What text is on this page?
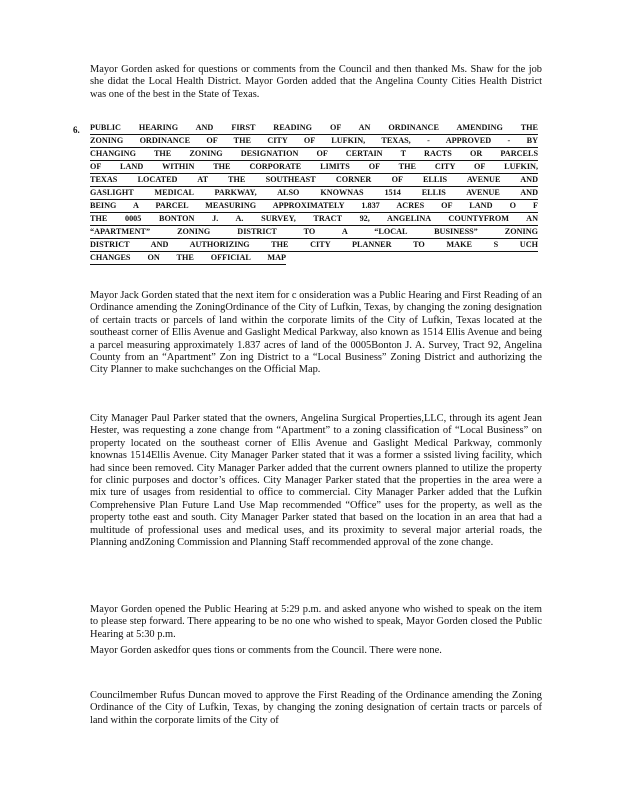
Mayor Gorden asked for questions or comments from the Council and then thanked Ms. Shaw for the job she didat the Local Health District. Mayor Gorden added that the Angelina County Cities Health District was one of the best in the State of Texas.

6. PUBLIC HEARING AND FIRST READING OF AN ORDINANCE AMENDING THE
ZONING ORDINANCE OF THE CITY OF LUFKIN, TEXAS, - APPROVED - BY
CHANGING THE ZONING DESIGNATION OF CERTAIN T RACTS OR PARCELS
OF LAND WITHIN THE CORPORATE LIMITS OF THE CITY OF LUFKIN,
TEXAS LOCATED AT THE SOUTHEAST CORNER OF ELLIS AVENUE AND
GASLIGHT MEDICAL PARKWAY, ALSO KNOWNAS 1514 ELLIS AVENUE AND
BEING A PARCEL MEASURING APPROXIMATELY 1.837 ACRES OF LAND O F
THE 0005 BONTON J. A. SURVEY, TRACT 92, ANGELINA COUNTYFROM AN
“APARTMENT” ZONING DISTRICT TO A “LOCAL BUSINESS” ZONING
DISTRICT AND AUTHORIZING THE CITY PLANNER TO MAKE S UCH
CHANGES ON THE OFFICIAL MAP

Mayor Jack Gorden stated that the next item for c onsideration was a Public Hearing and First Reading of an Ordinance amending the ZoningOrdinance of the City of Lufkin, Texas, by changing the zoning designation of certain tracts or parcels of land within the corporate limits of the City of Lufkin, Texas located at the southeast corner of Ellis Avenue and Gaslight Medical Parkway, also known as 1514 Ellis Avenue and being a parcel measuring approximately 1.837 acres of land of the 0005Bonton J. A. Survey, Tract 92, Angelina County from an “Apartment” Zon ing District to a “Local Business” Zoning District and authorizing the City Planner to make suchchanges on the Official Map.

City Manager Paul Parker stated that the owners, Angelina Surgical Properties,LLC, through its agent Jean Hester, was requesting a zone change from “Apartment” to a zoning classification of “Local Business” on property located on the southeast corner of Ellis Avenue and Gaslight Medical Parkway, commonly knownas 1514Ellis Avenue. City Manager Parker stated that it was a former a ssisted living facility, which had since been removed. City Manager Parker added that the current owners planned to utilize the property for clinic purposes and doctor’s offices. City Manager Parker stated that the properties in the area were a mix ture of usages from residential to office to commercial. City Manager Parker added that the Lufkin Comprehensive Plan Future Land Use Map recommended “Office” uses for the property, as well as the property tothe east and south. City Manager Parker stated that based on the location in an area that had a multitude of professional uses and medical uses, and its proximity to several major arterial roads, the Planning andZoning Commission and Planning Staff recommended approval of the zone change.

Mayor Gorden opened the Public Hearing at 5:29 p.m. and asked anyone who wished to speak on the item to please step forward. There appearing to be no one who wished to speak, Mayor Gorden closed the Public Hearing at 5:30 p.m.

Mayor Gorden askedfor ques tions or comments from the Council. There were none.

Councilmember Rufus Duncan moved to approve the First Reading of the Ordinance amending the Zoning Ordinance of the City of Lufkin, Texas, by changing the zoning designation of certain tracts or parcels of land within the corporate limits of the City of
